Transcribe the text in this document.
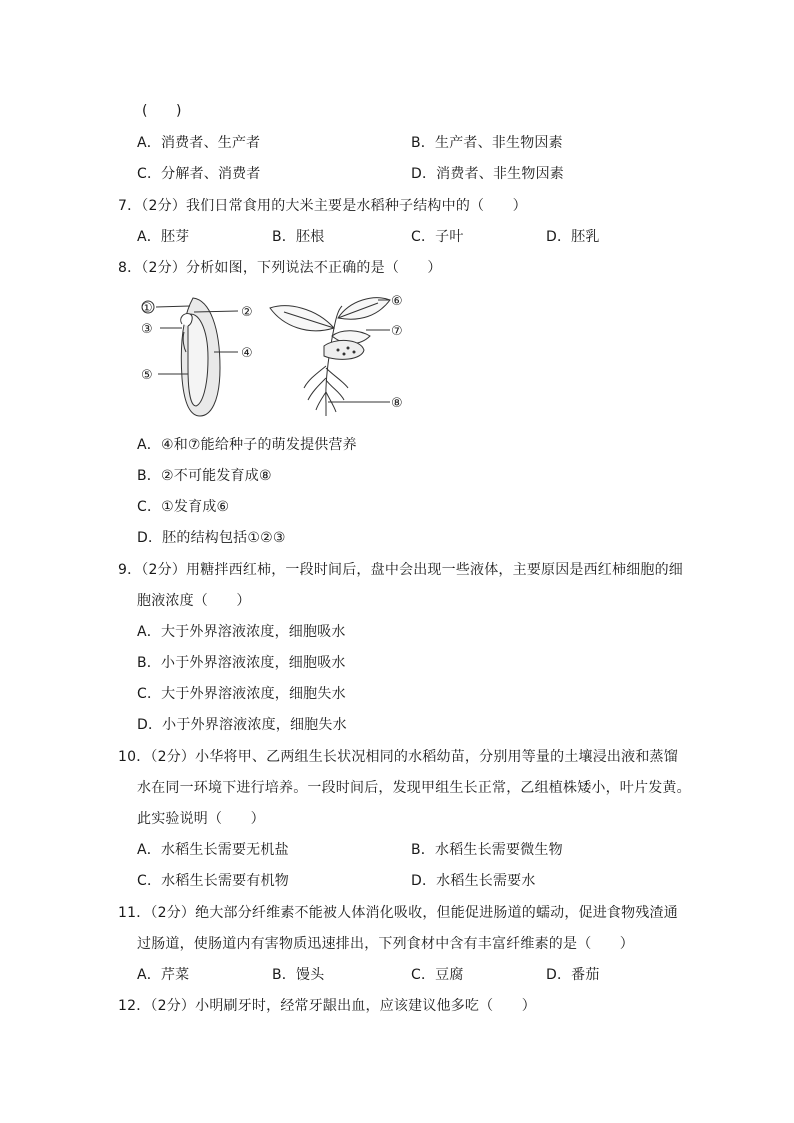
(　　)
A．消费者、生产者	B．生产者、非生物因素
C．分解者、消费者	D．消费者、非生物因素
7．（2分）我们日常食用的大米主要是水稻种子结构中的（　　）
A．胚芽	B．胚根	C．子叶	D．胚乳
8．（2分）分析如图，下列说法不正确的是（　　）
①	②
③
④
⑤
⑥
⑦
⑧
A．④和⑦能给种子的萌发提供营养
B．②不可能发育成⑧
C．①发育成⑥
D．胚的结构包括①②③
9．（2分）用糖拌西红柿，一段时间后，盘中会出现一些液体，主要原因是西红柿细胞的细
胞液浓度（　　）
A．大于外界溶液浓度，细胞吸水
B．小于外界溶液浓度，细胞吸水
C．大于外界溶液浓度，细胞失水
D．小于外界溶液浓度，细胞失水
10．（2分）小华将甲、乙两组生长状况相同的水稻幼苗，分别用等量的土壤浸出液和蒸馏
水在同一环境下进行培养。一段时间后，发现甲组生长正常，乙组植株矮小，叶片发黄。
此实验说明（　　）
A．水稻生长需要无机盐	B．水稻生长需要微生物
C．水稻生长需要有机物	D．水稻生长需要水
11．（2分）绝大部分纤维素不能被人体消化吸收，但能促进肠道的蠕动，促进食物残渣通
过肠道，使肠道内有害物质迅速排出，下列食材中含有丰富纤维素的是（　　）
A．芹菜	B．馒头	C．豆腐	D．番茄
12．（2分）小明刷牙时，经常牙龈出血，应该建议他多吃（　　）
